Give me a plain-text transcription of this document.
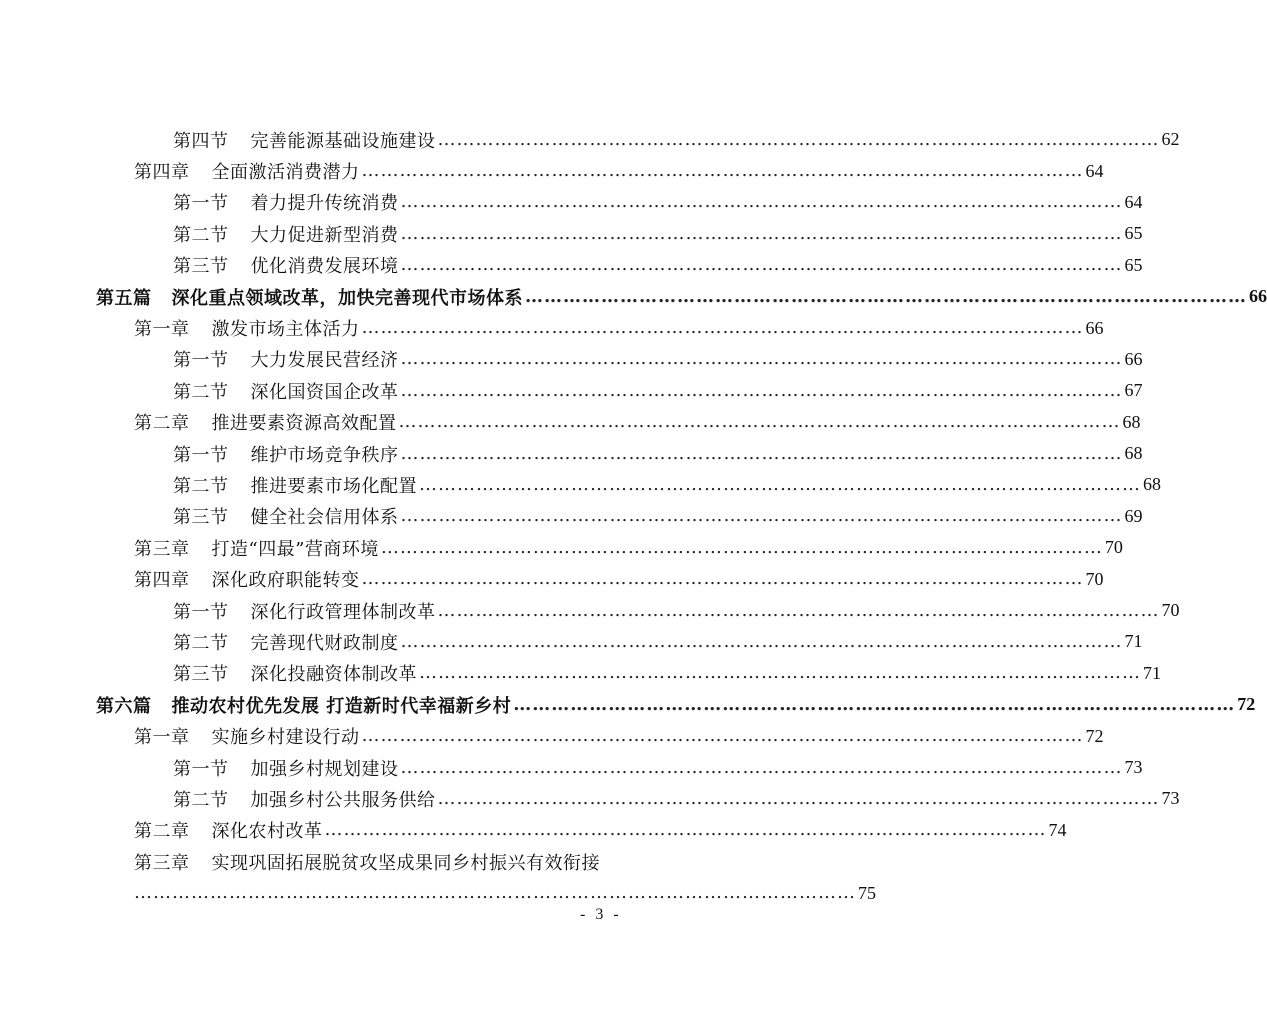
第四节 完善能源基础设施建设 …………………………………………………………………………………………………… 62
第四章 全面激活消费潜力 …………………………………………………………………………………………………… 64
第一节 着力提升传统消费 …………………………………………………………………………………………………… 64
第二节 大力促进新型消费 …………………………………………………………………………………………………… 65
第三节 优化消费发展环境 …………………………………………………………………………………………………… 65
第五篇 深化重点领域改革，加快完善现代市场体系 …………………………………………………………………………………………………… 66
第一章 激发市场主体活力 …………………………………………………………………………………………………… 66
第一节 大力发展民营经济 …………………………………………………………………………………………………… 66
第二节 深化国资国企改革 …………………………………………………………………………………………………… 67
第二章 推进要素资源高效配置 …………………………………………………………………………………………………… 68
第一节 维护市场竞争秩序 …………………………………………………………………………………………………… 68
第二节 推进要素市场化配置 …………………………………………………………………………………………………… 68
第三节 健全社会信用体系 …………………………………………………………………………………………………… 69
第三章 打造“四最”营商环境 …………………………………………………………………………………………………… 70
第四章 深化政府职能转变 …………………………………………………………………………………………………… 70
第一节 深化行政管理体制改革 …………………………………………………………………………………………………… 70
第二节 完善现代财政制度 …………………………………………………………………………………………………… 71
第三节 深化投融资体制改革 …………………………………………………………………………………………………… 71
第六篇 推动农村优先发展 打造新时代幸福新乡村 …………………………………………………………………………………………………… 72
第一章 实施乡村建设行动 …………………………………………………………………………………………………… 72
第一节 加强乡村规划建设 …………………………………………………………………………………………………… 73
第二节 加强乡村公共服务供给 …………………………………………………………………………………………………… 73
第二章 深化农村改革 …………………………………………………………………………………………………… 74
第三章 实现巩固拓展脱贫攻坚成果同乡村振兴有效衔接
…………………………………………………………………………………………………… 75
- 3 -
